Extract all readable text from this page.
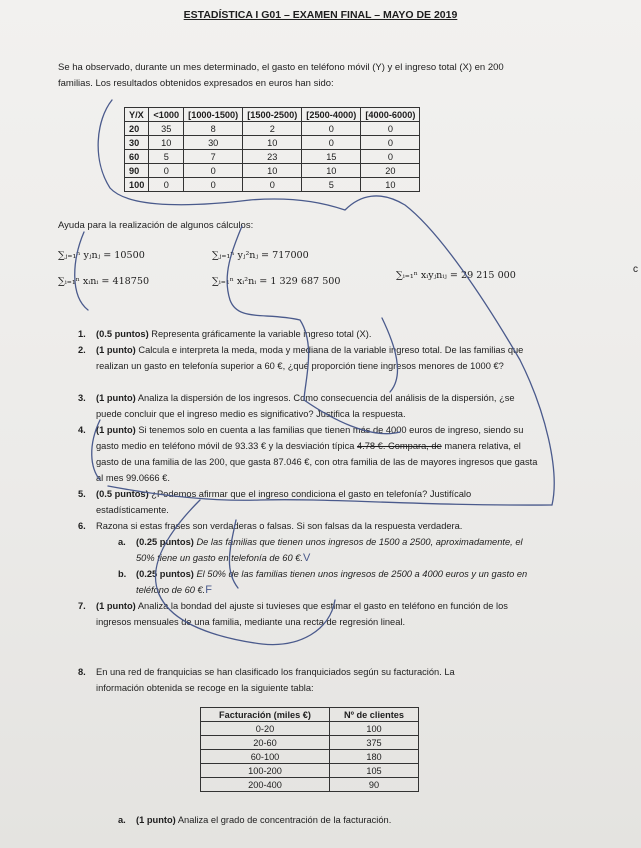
ESTADÍSTICA I G01 – EXAMEN FINAL – MAYO DE 2019
Se ha observado, durante un mes determinado, el gasto en teléfono móvil (Y) y el ingreso total (X) en 200 familias. Los resultados obtenidos expresados en euros han sido:
Y/X	<1000	[1000-1500)	[1500-2500)	[2500-4000)	[4000-6000)
20	35	8	2	0	0
30	10	30	10	0	0
60	5	7	23	15	0
90	0	0	10	10	20
100	0	0	0	5	10
Ayuda para la realización de algunos cálculos:
∑ⱼ₌₁ⁿ yⱼnⱼ = 10500	∑ⱼ₌₁ⁿ yⱼ²nⱼ = 717000
∑ᵢ₌₁ⁿ xᵢnᵢ = 418750	∑ᵢ₌₁ⁿ xᵢ²nᵢ = 1 329 687 500
∑ᵢ₌₁ⁿ xᵢyⱼnᵢⱼ = 29 215 000
c
1. (0.5 puntos) Representa gráficamente la variable ingreso total (X).
2. (1 punto) Calcula e interpreta la meda, moda y mediana de la variable ingreso total. De las familias que realizan un gasto en telefonía superior a 60 €, ¿qué proporción tiene ingresos menores de 1000 €?
3. (1 punto) Analiza la dispersión de los ingresos. Como consecuencia del análisis de la dispersión, ¿se puede concluir que el ingreso medio es significativo? Justifica la respuesta.
4. (1 punto) Si tenemos solo en cuenta a las familias que tienen más de 4000 euros de ingreso, siendo su gasto medio en teléfono móvil de 93.33 € y la desviación típica 4.78 €. Compara, de manera relativa, el gasto de una familia de las 200, que gasta 87.046 €, con otra familia de las de mayores ingresos que gasta al mes 99.0666 €.
5. (0.5 puntos) ¿Podemos afirmar que el ingreso condiciona el gasto en telefonía? Justifícalo estadísticamente.
6. Razona si estas frases son verdaderas o falsas. Si son falsas da la respuesta verdadera.
a. (0.25 puntos) De las familias que tienen unos ingresos de 1500 a 2500, aproximadamente, el 50% tiene un gasto en telefonía de 60 €.V
b. (0.25 puntos) El 50% de las familias tienen unos ingresos de 2500 a 4000 euros y un gasto en teléfono de 60 €.F
7. (1 punto) Analiza la bondad del ajuste si tuvieses que estimar el gasto en teléfono en función de los ingresos mensuales de una familia, mediante una recta de regresión lineal.
8. En una red de franquicias se han clasificado los franquiciados según su facturación. La información obtenida se recoge en la siguiente tabla:
Facturación (miles €)	Nº de clientes
0-20	100
20-60	375
60-100	180
100-200	105
200-400	90
a. (1 punto) Analiza el grado de concentración de la facturación.
